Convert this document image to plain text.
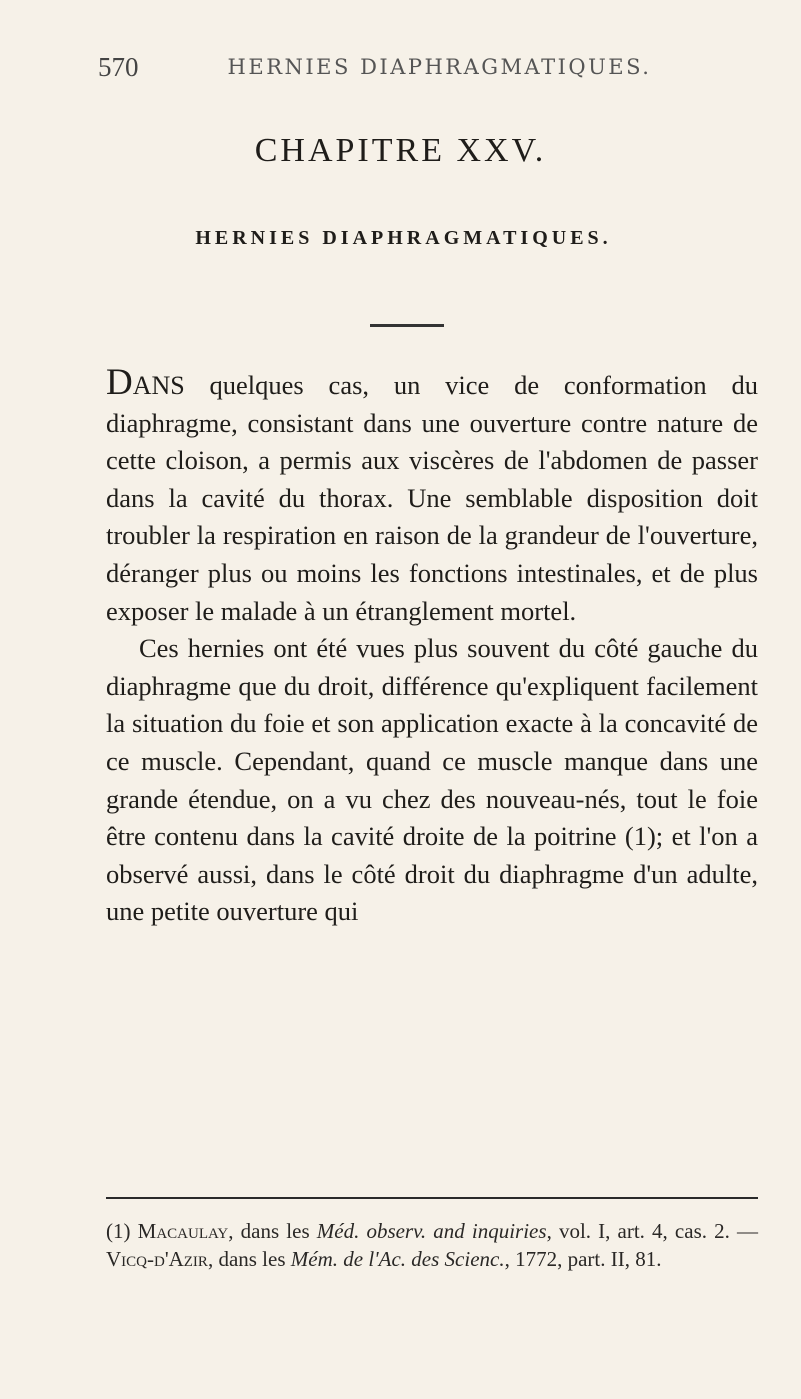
570	HERNIES DIAPHRAGMATIQUES.
CHAPITRE XXV.
HERNIES DIAPHRAGMATIQUES.

Dans quelques cas, un vice de conformation du diaphragme, consistant dans une ouverture contre nature de cette cloison, a permis aux viscères de l'abdomen de passer dans la cavité du thorax. Une semblable disposition doit troubler la respiration en raison de la grandeur de l'ouverture, déranger plus ou moins les fonctions intestinales, et de plus exposer le malade à un étranglement mortel.

Ces hernies ont été vues plus souvent du côté gauche du diaphragme que du droit, différence qu'expliquent facilement la situation du foie et son application exacte à la concavité de ce muscle. Cependant, quand ce muscle manque dans une grande étendue, on a vu chez des nouveau-nés, tout le foie être contenu dans la cavité droite de la poitrine (1); et l'on a observé aussi, dans le côté droit du diaphragme d'un adulte, une petite ouverture qui

(1) Macaulay, dans les Méd. observ. and inquiries, vol. I, art. 4, cas. 2. — Vicq-d'Azir, dans les Mém. de l'Ac. des Scienc., 1772, part. II, 81.
